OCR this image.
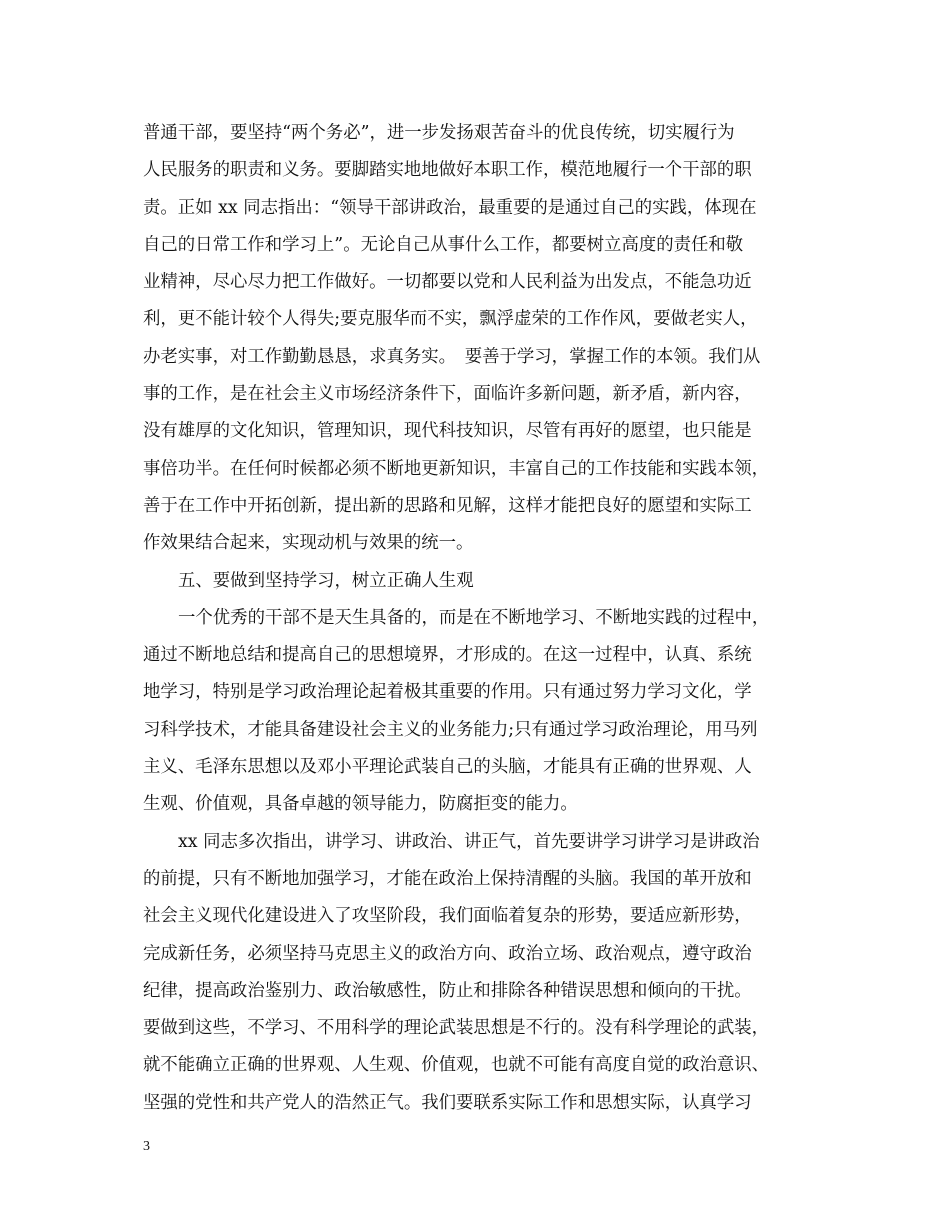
普通干部，要坚持“两个务必”，进一步发扬艰苦奋斗的优良传统，切实履行为
人民服务的职责和义务。要脚踏实地地做好本职工作，模范地履行一个干部的职
责。正如 xx 同志指出：“领导干部讲政治，最重要的是通过自己的实践，体现在
自己的日常工作和学习上”。无论自己从事什么工作，都要树立高度的责任和敬
业精神，尽心尽力把工作做好。一切都要以党和人民利益为出发点，不能急功近
利，更不能计较个人得失;要克服华而不实，飘浮虚荣的工作作风，要做老实人，
办老实事，对工作勤勤恳恳，求真务实。　要善于学习，掌握工作的本领。我们从
事的工作，是在社会主义市场经济条件下，面临许多新问题，新矛盾，新内容，
没有雄厚的文化知识，管理知识，现代科技知识，尽管有再好的愿望，也只能是
事倍功半。在任何时候都必须不断地更新知识，丰富自己的工作技能和实践本领，
善于在工作中开拓创新，提出新的思路和见解，这样才能把良好的愿望和实际工
作效果结合起来，实现动机与效果的统一。
五、要做到坚持学习，树立正确人生观
一个优秀的干部不是天生具备的，而是在不断地学习、不断地实践的过程中，
通过不断地总结和提高自己的思想境界，才形成的。在这一过程中，认真、系统
地学习，特别是学习政治理论起着极其重要的作用。只有通过努力学习文化，学
习科学技术，才能具备建设社会主义的业务能力;只有通过学习政治理论，用马列
主义、毛泽东思想以及邓小平理论武装自己的头脑，才能具有正确的世界观、人
生观、价值观，具备卓越的领导能力，防腐拒变的能力。
xx 同志多次指出，讲学习、讲政治、讲正气，首先要讲学习讲学习是讲政治
的前提，只有不断地加强学习，才能在政治上保持清醒的头脑。我国的革开放和
社会主义现代化建设进入了攻坚阶段，我们面临着复杂的形势，要适应新形势，
完成新任务，必须坚持马克思主义的政治方向、政治立场、政治观点，遵守政治
纪律，提高政治鉴别力、政治敏感性，防止和排除各种错误思想和倾向的干扰。
要做到这些，不学习、不用科学的理论武装思想是不行的。没有科学理论的武装，
就不能确立正确的世界观、人生观、价值观，也就不可能有高度自觉的政治意识、
坚强的党性和共产党人的浩然正气。我们要联系实际工作和思想实际，认真学习
3
